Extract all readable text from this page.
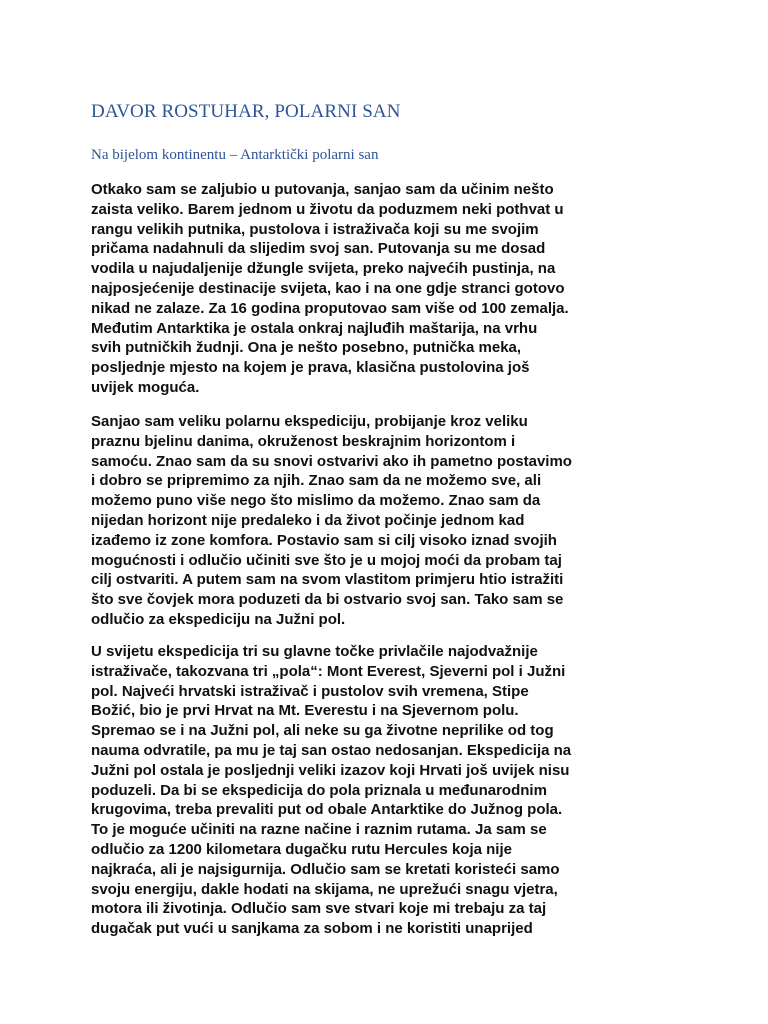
DAVOR ROSTUHAR, POLARNI SAN
Na bijelom kontinentu – Antarktički polarni san
Otkako sam se zaljubio u putovanja, sanjao sam da učinim nešto
zaista veliko. Barem jednom u životu da poduzmem neki pothvat u
rangu velikih putnika, pustolova i istraživača koji su me svojim
pričama nadahnuli da slijedim svoj san. Putovanja su me dosad
vodila u najudaljenije džungle svijeta, preko najvećih pustinja, na
najposjećenije destinacije svijeta, kao i na one gdje stranci gotovo
nikad ne zalaze. Za 16 godina proputovao sam više od 100 zemalja.
Međutim Antarktika je ostala onkraj najluđih maštarija, na vrhu
svih putničkih žudnji. Ona je nešto posebno, putnička meka,
posljednje mjesto na kojem je prava, klasična pustolovina još
uvijek moguća.
Sanjao sam veliku polarnu ekspediciju, probijanje kroz veliku
praznu bjelinu danima, okruženost beskrajnim horizontom i
samoću. Znao sam da su snovi ostvarivi ako ih pametno postavimo
i dobro se pripremimo za njih. Znao sam da ne možemo sve, ali
možemo puno više nego što mislimo da možemo. Znao sam da
nijedan horizont nije predaleko i da život počinje jednom kad
izađemo iz zone komfora. Postavio sam si cilj visoko iznad svojih
mogućnosti i odlučio učiniti sve što je u mojoj moći da probam taj
cilj ostvariti. A putem sam na svom vlastitom primjeru htio istražiti
što sve čovjek mora poduzeti da bi ostvario svoj san. Tako sam se
odlučio za ekspediciju na Južni pol.
U svijetu ekspedicija tri su glavne točke privlačile najodvažnije
istraživače, takozvana tri „pola“: Mont Everest, Sjeverni pol i Južni
pol. Najveći hrvatski istraživač i pustolov svih vremena, Stipe
Božić, bio je prvi Hrvat na Mt. Everestu i na Sjevernom polu.
Spremao se i na Južni pol, ali neke su ga životne neprilike od tog
nauma odvratile, pa mu je taj san ostao nedosanjan. Ekspedicija na
Južni pol ostala je posljednji veliki izazov koji Hrvati još uvijek nisu
poduzeli. Da bi se ekspedicija do pola priznala u međunarodnim
krugovima, treba prevaliti put od obale Antarktike do Južnog pola.
To je moguće učiniti na razne načine i raznim rutama. Ja sam se
odlučio za 1200 kilometara dugačku rutu Hercules koja nije
najkraća, ali je najsigurnija. Odlučio sam se kretati koristeći samo
svoju energiju, dakle hodati na skijama, ne uprežući snagu vjetra,
motora ili životinja. Odlučio sam sve stvari koje mi trebaju za taj
dugačak put vući u sanjkama za sobom i ne koristiti unaprijed
